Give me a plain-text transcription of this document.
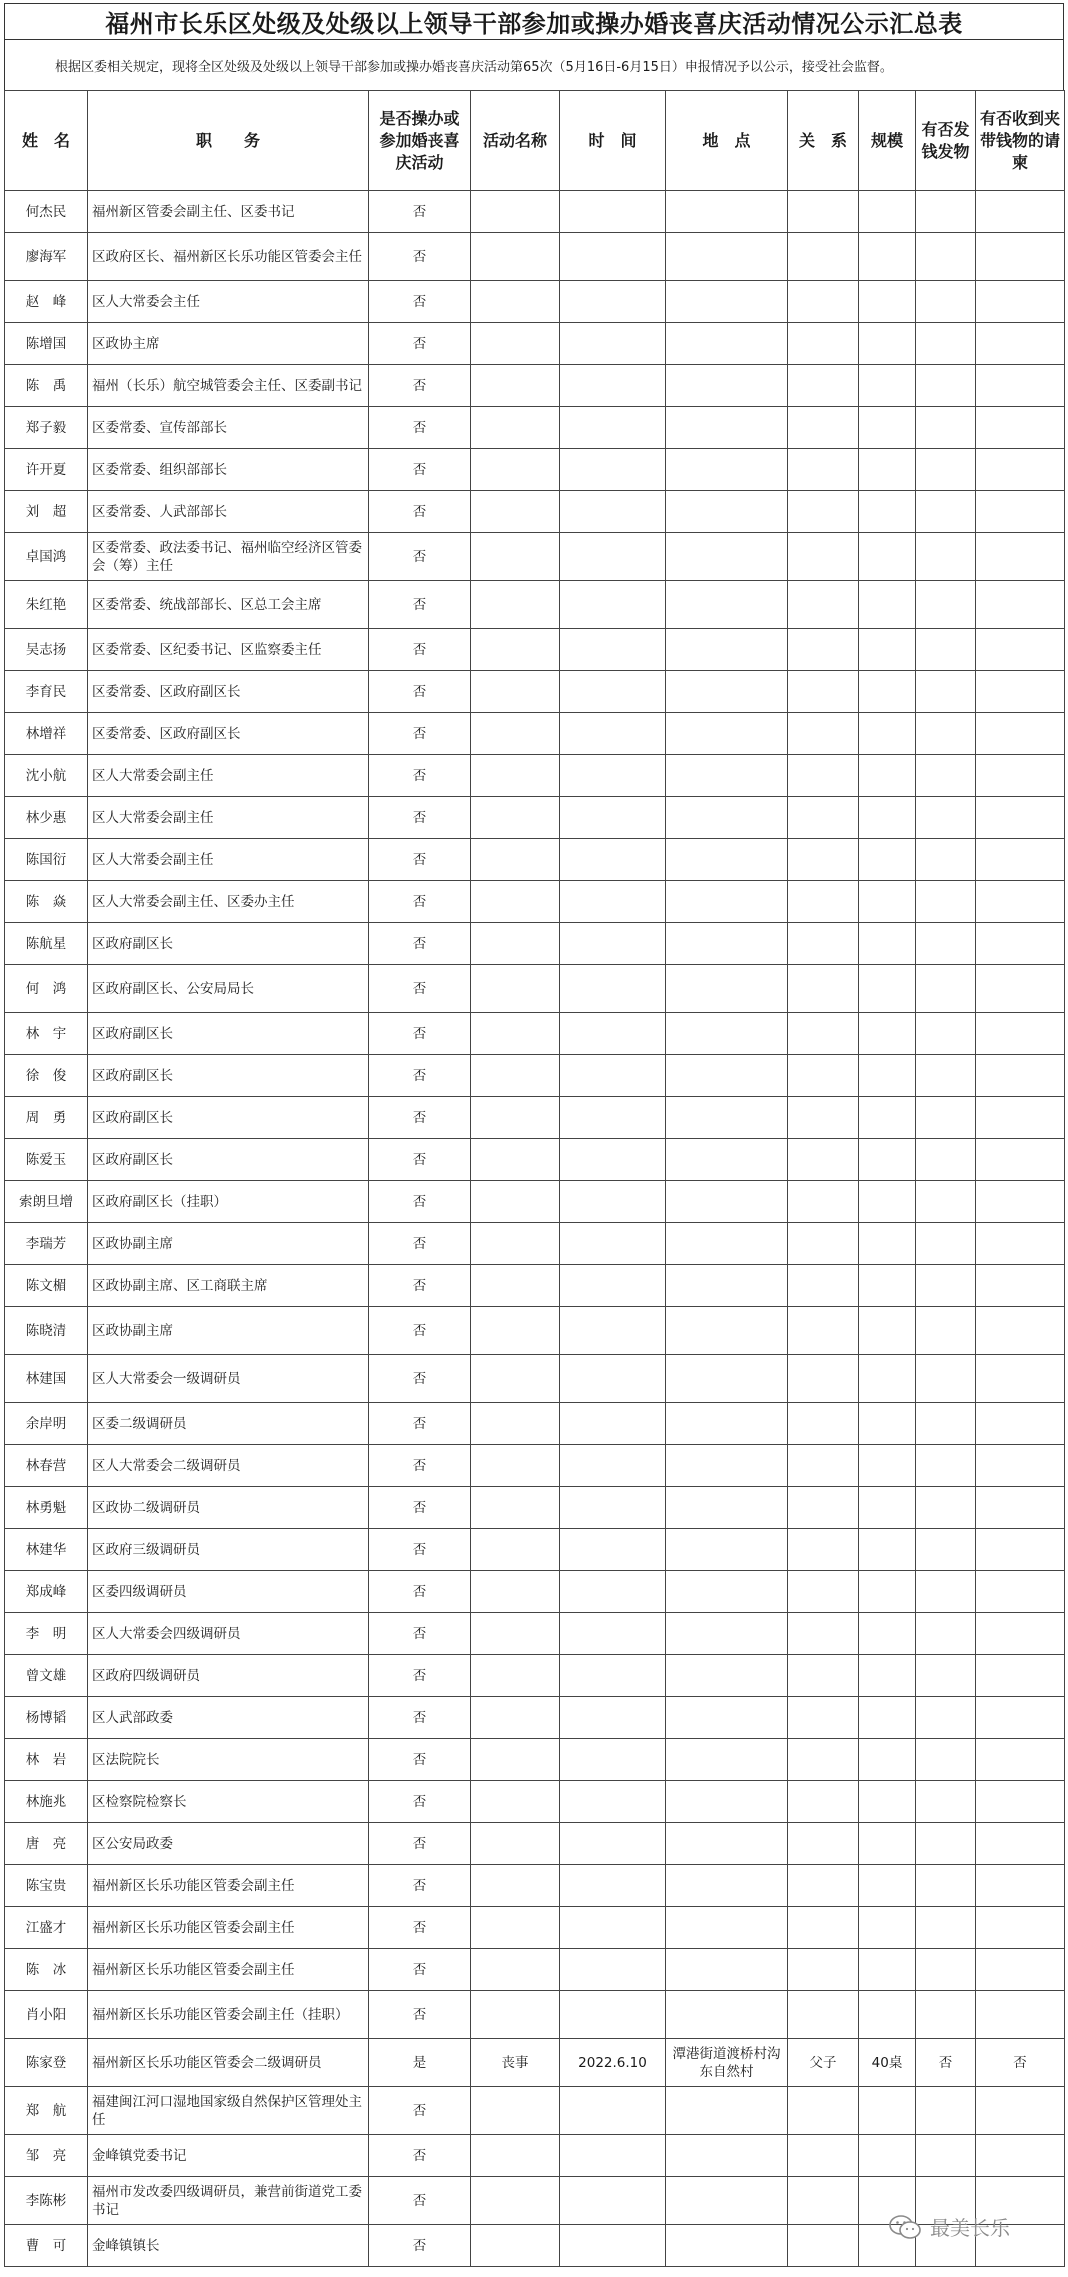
福州市长乐区处级及处级以上领导干部参加或操办婚丧喜庆活动情况公示汇总表
根据区委相关规定，现将全区处级及处级以上领导干部参加或操办婚丧喜庆活动第65次（5月16日-6月15日）申报情况予以公示，接受社会监督。
姓　名	职　　务	是否操办或参加婚丧喜庆活动	活动名称	时　间	地　点	关　系	规模	有否发钱发物	有否收到夹带钱物的请柬
何杰民	福州新区管委会副主任、区委书记	否							
廖海军	区政府区长、福州新区长乐功能区管委会主任	否							
赵　峰	区人大常委会主任	否							
陈增国	区政协主席	否							
陈　禹	福州（长乐）航空城管委会主任、区委副书记	否							
郑子毅	区委常委、宣传部部长	否							
许开夏	区委常委、组织部部长	否							
刘　超	区委常委、人武部部长	否							
卓国鸿	区委常委、政法委书记、福州临空经济区管委会（筹）主任	否							
朱红艳	区委常委、统战部部长、区总工会主席	否							
吴志扬	区委常委、区纪委书记、区监察委主任	否							
李育民	区委常委、区政府副区长	否							
林增祥	区委常委、区政府副区长	否							
沈小航	区人大常委会副主任	否							
林少惠	区人大常委会副主任	否							
陈国衍	区人大常委会副主任	否							
陈　焱	区人大常委会副主任、区委办主任	否							
陈航星	区政府副区长	否							
何　鸿	区政府副区长、公安局局长	否							
林　宇	区政府副区长	否							
徐　俊	区政府副区长	否							
周　勇	区政府副区长	否							
陈爱玉	区政府副区长	否							
索朗旦增	区政府副区长（挂职）	否							
李瑞芳	区政协副主席	否							
陈文楣	区政协副主席、区工商联主席	否							
陈晓清	区政协副主席	否							
林建国	区人大常委会一级调研员	否							
余岸明	区委二级调研员	否							
林春营	区人大常委会二级调研员	否							
林勇魁	区政协二级调研员	否							
林建华	区政府三级调研员	否							
郑成峰	区委四级调研员	否							
李　明	区人大常委会四级调研员	否							
曾文雄	区政府四级调研员	否							
杨博韬	区人武部政委	否							
林　岩	区法院院长	否							
林施兆	区检察院检察长	否							
唐　亮	区公安局政委	否							
陈宝贵	福州新区长乐功能区管委会副主任	否							
江盛才	福州新区长乐功能区管委会副主任	否							
陈　冰	福州新区长乐功能区管委会副主任	否							
肖小阳	福州新区长乐功能区管委会副主任（挂职）	否							
陈家登	福州新区长乐功能区管委会二级调研员	是	丧事	2022.6.10	潭港街道渡桥村沟东自然村	父子	40桌	否	否
郑　航	福建闽江河口湿地国家级自然保护区管理处主任	否							
邹　亮	金峰镇党委书记	否							
李陈彬	福州市发改委四级调研员，兼营前街道党工委书记	否							
曹　可	金峰镇镇长	否							
最美长乐
